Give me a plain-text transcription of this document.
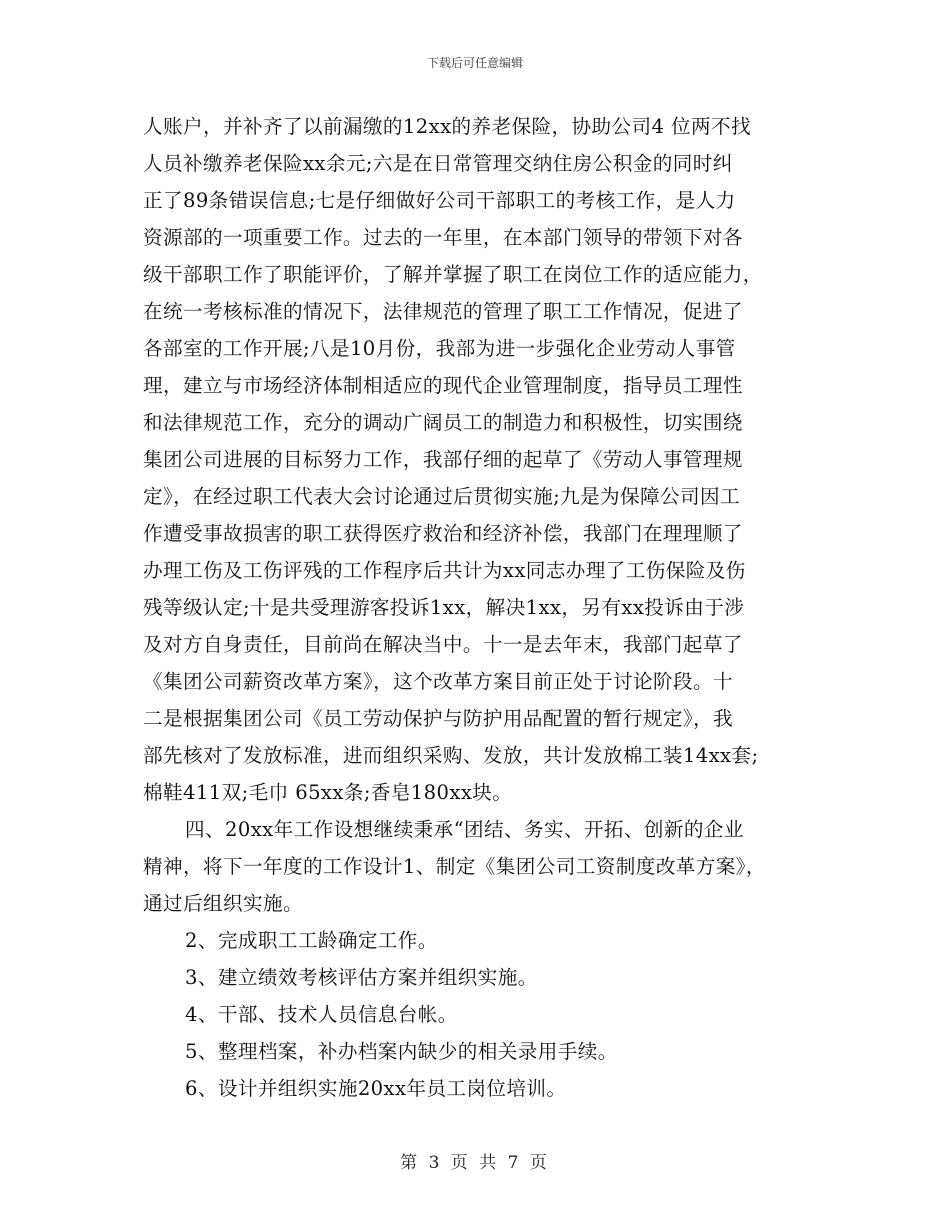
下载后可任意编辑
人账户，并补齐了以前漏缴的12xx的养老保险，协助公司4 位两不找
人员补缴养老保险xx余元;六是在日常管理交纳住房公积金的同时纠
正了89条错误信息;七是仔细做好公司干部职工的考核工作，是人力
资源部的一项重要工作。过去的一年里，在本部门领导的带领下对各
级干部职工作了职能评价，了解并掌握了职工在岗位工作的适应能力，
在统一考核标准的情况下，法律规范的管理了职工工作情况，促进了
各部室的工作开展;八是10月份，我部为进一步强化企业劳动人事管
理，建立与市场经济体制相适应的现代企业管理制度，指导员工理性
和法律规范工作，充分的调动广阔员工的制造力和积极性，切实围绕
集团公司进展的目标努力工作，我部仔细的起草了《劳动人事管理规
定》，在经过职工代表大会讨论通过后贯彻实施;九是为保障公司因工
作遭受事故损害的职工获得医疗救治和经济补偿，我部门在理理顺了
办理工伤及工伤评残的工作程序后共计为xx同志办理了工伤保险及伤
残等级认定;十是共受理游客投诉1xx，解决1xx，另有xx投诉由于涉
及对方自身责任，目前尚在解决当中。十一是去年末，我部门起草了
《集团公司薪资改革方案》，这个改革方案目前正处于讨论阶段。十
二是根据集团公司《员工劳动保护与防护用品配置的暂行规定》，我
部先核对了发放标准，进而组织采购、发放，共计发放棉工装14xx套;
棉鞋411双;毛巾 65xx条;香皂180xx块。
四、20xx年工作设想继续秉承“团结、务实、开拓、创新的企业
精神，将下一年度的工作设计1、制定《集团公司工资制度改革方案》，
通过后组织实施。
2、完成职工工龄确定工作。
3、建立绩效考核评估方案并组织实施。
4、干部、技术人员信息台帐。
5、整理档案，补办档案内缺少的相关录用手续。
6、设计并组织实施20xx年员工岗位培训。
第 3 页 共 7 页
